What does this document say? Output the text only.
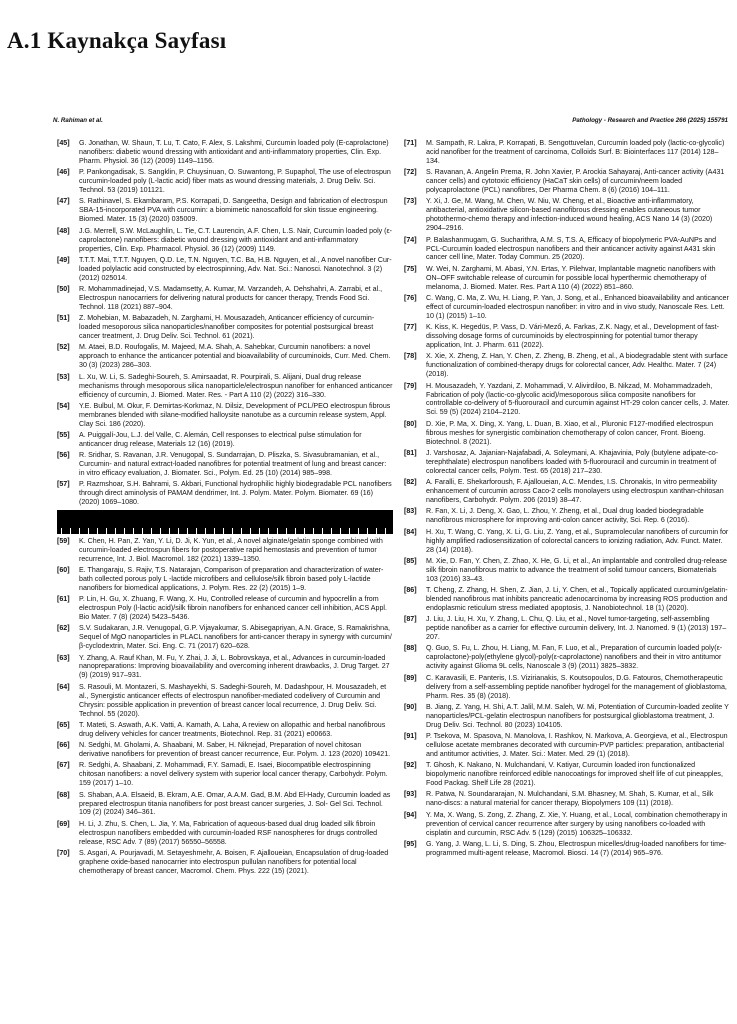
A.1 Kaynakça Sayfası
N. Rahiman et al.	Pathology - Research and Practice 266 (2025) 155791
[45]	G. Jonathan, W. Shaun, T. Lu, T. Cato, F. Alex, S. Lakshmi, Curcumin loaded poly (E-caprolactone) nanofibers: diabetic wound dressing with antioxidant and anti-inflammatory properties, Clin. Exp. Pharm. Physiol. 36 (12) (2009) 1149–1156.
[46]	P. Pankongadisak, S. Sangklin, P. Chuysinuan, O. Suwantong, P. Supaphol, The use of electrospun curcumin-loaded poly (L-lactic acid) fiber mats as wound dressing materials, J. Drug Deliv. Sci. Technol. 53 (2019) 101121.
[47]	S. Rathinavel, S. Ekambaram, P.S. Korrapati, D. Sangeetha, Design and fabrication of electrospun SBA-15-incorporated PVA with curcumin: a biomimetic nanoscaffold for skin tissue engineering. Biomed. Mater. 15 (3) (2020) 035009.
[48]	J.G. Merrell, S.W. McLaughlin, L. Tie, C.T. Laurencin, A.F. Chen, L.S. Nair, Curcumin loaded poly (ε-caprolactone) nanofibers: diabetic wound dressing with antioxidant and anti-inflammatory properties, Clin. Exp. Pharmacol. Physiol. 36 (12) (2009) 1149.
[49]	T.T.T. Mai, T.T.T. Nguyen, Q.D. Le, T.N. Nguyen, T.C. Ba, H.B. Nguyen, et al., A novel nanofiber Cur-loaded polylactic acid constructed by electrospinning, Adv. Nat. Sci.: Nanosci. Nanotechnol. 3 (2) (2012) 025014.
[50]	R. Mohammadinejad, V.S. Madamsetty, A. Kumar, M. Varzandeh, A. Dehshahri, A. Zarrabi, et al., Electrospun nanocarriers for delivering natural products for cancer therapy, Trends Food Sci. Technol. 118 (2021) 887–904.
[51]	Z. Mohebian, M. Babazadeh, N. Zarghami, H. Mousazadeh, Anticancer efficiency of curcumin-loaded mesoporous silica nanoparticles/nanofiber composites for potential postsurgical breast cancer treatment, J. Drug Deliv. Sci. Technol. 61 (2021).
[52]	M. Ataei, B.D. Roufogalis, M. Majeed, M.A. Shah, A. Sahebkar, Curcumin nanofibers: a novel approach to enhance the anticancer potential and bioavailability of curcuminoids, Curr. Med. Chem. 30 (3) (2023) 286–303.
[53]	L. Xu, W. Li, S. Sadeghi-Soureh, S. Amirsaadat, R. Pourpirali, S. Alijani, Dual drug release mechanisms through mesoporous silica nanoparticle/electrospun nanofiber for enhanced anticancer efficiency of curcumin, J. Biomed. Mater. Res. - Part A 110 (2) (2022) 316–330.
[54]	Y.E. Bulbul, M. Okur, F. Demirtas-Korkmaz, N. Dilsiz, Development of PCL/PEO electrospun fibrous membranes blended with silane-modified halloysite nanotube as a curcumin release system, Appl. Clay Sci. 186 (2020).
[55]	A. Puiggalí-Jou, L.J. del Valle, C. Alemán, Cell responses to electrical pulse stimulation for anticancer drug release, Materials 12 (16) (2019).
[56]	R. Sridhar, S. Ravanan, J.R. Venugopal, S. Sundarrajan, D. Pliszka, S. Sivasubramanian, et al., Curcumin- and natural extract-loaded nanofibres for potential treatment of lung and breast cancer: in vitro efficacy evaluation, J. Biomater. Sci., Polym. Ed. 25 (10) (2014) 985–998.
[57]	P. Razmshoar, S.H. Bahrami, S. Akbari, Functional hydrophilic highly biodegradable PCL nanofibers through direct aminolysis of PAMAM dendrimer, Int. J. Polym. Mater. Polym. Biomater. 69 (16) (2020) 1069–1080.
[59]	K. Chen, H. Pan, Z. Yan, Y. Li, D. Ji, K. Yun, et al., A novel alginate/gelatin sponge combined with curcumin-loaded electrospun fibers for postoperative rapid hemostasis and prevention of tumor recurrence, Int. J. Biol. Macromol. 182 (2021) 1339–1350.
[60]	E. Thangaraju, S. Rajiv, T.S. Natarajan, Comparison of preparation and characterization of water-bath collected porous poly L -lactide microfibers and cellulose/silk fibroin based poly L-lactide nanofibers for biomedical applications, J. Polym. Res. 22 (2) (2015) 1–9.
[61]	P. Lin, H. Gu, X. Zhuang, F. Wang, X. Hu, Controlled release of curcumin and hypocrellin a from electrospun Poly (l-lactic acid)/silk fibroin nanofibers for enhanced cancer cell inhibition, ACS Appl. Bio Mater. 7 (8) (2024) 5423–5436.
[62]	S.V. Sudakaran, J.R. Venugopal, G.P. Vijayakumar, S. Abisegapriyan, A.N. Grace, S. Ramakrishna, Sequel of MgO nanoparticles in PLACL nanofibers for anti-cancer therapy in synergy with curcumin/β-cyclodextrin, Mater. Sci. Eng. C. 71 (2017) 620–628.
[63]	Y. Zhang, A. Rauf Khan, M. Fu, Y. Zhai, J. Ji, L. Bobrovskaya, et al., Advances in curcumin-loaded nanopreparations: Improving bioavailability and overcoming inherent drawbacks, J. Drug Target. 27 (9) (2019) 917–931.
[64]	S. Rasouli, M. Montazeri, S. Mashayekhi, S. Sadeghi-Soureh, M. Dadashpour, H. Mousazadeh, et al., Synergistic anticancer effects of electrospun nanofiber-mediated codelivery of Curcumin and Chrysin: possible application in prevention of breast cancer local recurrence, J. Drug Deliv. Sci. Technol. 55 (2020).
[65]	T. Mateti, S. Aswath, A.K. Vatti, A. Kamath, A. Laha, A review on allopathic and herbal nanofibrous drug delivery vehicles for cancer treatments, Biotechnol. Rep. 31 (2021) e00663.
[66]	N. Sedghi, M. Gholami, A. Shaabani, M. Saber, H. Niknejad, Preparation of novel chitosan derivative nanofibers for prevention of breast cancer recurrence, Eur. Polym. J. 123 (2020) 109421.
[67]	R. Sedghi, A. Shaabani, Z. Mohammadi, F.Y. Samadi, E. Isaei, Biocompatible electrospinning chitosan nanofibers: a novel delivery system with superior local cancer therapy, Carbohydr. Polym. 159 (2017) 1–10.
[68]	S. Shaban, A.A. Elsaeid, B. Ekram, A.E. Omar, A.A.M. Gad, B.M. Abd El-Hady, Curcumin loaded as prepared electrospun titania nanofibers for post breast cancer surgeries, J. Sol- Gel Sci. Technol. 109 (2) (2024) 346–361.
[69]	H. Li, J. Zhu, S. Chen, L. Jia, Y. Ma, Fabrication of aqueous-based dual drug loaded silk fibroin electrospun nanofibers embedded with curcumin-loaded RSF nanospheres for drugs controlled release, RSC Adv. 7 (89) (2017) 56550–56558.
[70]	S. Asgari, A. Pourjavadi, M. Setayeshmehr, A. Boisen, F. Ajalloueian, Encapsulation of drug-loaded graphene oxide-based nanocarrier into electrospun pullulan nanofibers for potential local chemotherapy of breast cancer, Macromol. Chem. Phys. 222 (15) (2021).
[71]	M. Sampath, R. Lakra, P. Korrapati, B. Sengottuvelan, Curcumin loaded poly (lactic-co-glycolic) acid nanofiber for the treatment of carcinoma, Colloids Surf. B: Biointerfaces 117 (2014) 128–134.
[72]	S. Ravanan, A. Angelin Prema, R. John Xavier, P. Arockia Sahayaraj, Anti-cancer activity (A431 cancer cells) and cytotoxic efficiency (HaCaT skin cells) of curcumin/neem loaded polycaprolactone (PCL) nanofibres, Der Pharma Chem. 8 (6) (2016) 104–111.
[73]	Y. Xi, J. Ge, M. Wang, M. Chen, W. Niu, W. Cheng, et al., Bioactive anti-inflammatory, antibacterial, antioxidative silicon-based nanofibrous dressing enables cutaneous tumor photothermo-chemo therapy and infection-induced wound healing, ACS Nano 14 (3) (2020) 2904–2916.
[74]	P. Balashanmugam, G. Sucharithra, A.M. S, T.S. A, Efficacy of biopolymeric PVA-AuNPs and PCL-Curcumin loaded electrospun nanofibers and their anticancer activity against A431 skin cancer cell line, Mater. Today Commun. 25 (2020).
[75]	W. Wei, N. Zarghami, M. Abasi, Y.N. Ertas, Y. Pilehvar, Implantable magnetic nanofibers with ON–OFF switchable release of curcumin for possible local hyperthermic chemotherapy of melanoma, J. Biomed. Mater. Res. Part A 110 (4) (2022) 851–860.
[76]	C. Wang, C. Ma, Z. Wu, H. Liang, P. Yan, J. Song, et al., Enhanced bioavailability and anticancer effect of curcumin-loaded electrospun nanofiber: in vitro and in vivo study, Nanoscale Res. Lett. 10 (1) (2015) 1–10.
[77]	K. Kiss, K. Hegedüs, P. Vass, D. Vári-Mező, A. Farkas, Z.K. Nagy, et al., Development of fast-dissolving dosage forms of curcuminoids by electrospinning for potential tumor therapy application, Int. J. Pharm. 611 (2022).
[78]	X. Xie, X. Zheng, Z. Han, Y. Chen, Z. Zheng, B. Zheng, et al., A biodegradable stent with surface functionalization of combined-therapy drugs for colorectal cancer, Adv. Healthc. Mater. 7 (24) (2018).
[79]	H. Mousazadeh, Y. Yazdani, Z. Mohammadi, V. Alivirdiloo, B. Nikzad, M. Mohammadzadeh, Fabrication of poly (lactic-co-glycolic acid)/mesoporous silica composite nanofibers for controllable co-delivery of 5-fluorouracil and curcumin against HT-29 colon cancer cells, J. Mater. Sci. 59 (5) (2024) 2104–2120.
[80]	D. Xie, P. Ma, X. Ding, X. Yang, L. Duan, B. Xiao, et al., Pluronic F127-modified electrospun fibrous meshes for synergistic combination chemotherapy of colon cancer, Front. Bioeng. Biotechnol. 8 (2021).
[81]	J. Varshosaz, A. Jajanian-Najafabadi, A. Soleymani, A. Khajavinia, Poly (butylene adipate-co-terephthalate) electrospun nanofibers loaded with 5-fluorouracil and curcumin in treatment of colorectal cancer cells, Polym. Test. 65 (2018) 217–230.
[82]	A. Faralli, E. Shekarforoush, F. Ajalloueian, A.C. Mendes, I.S. Chronakis, In vitro permeability enhancement of curcumin across Caco-2 cells monolayers using electrospun xanthan-chitosan nanofibers, Carbohydr. Polym. 206 (2019) 38–47.
[83]	R. Fan, X. Li, J. Deng, X. Gao, L. Zhou, Y. Zheng, et al., Dual drug loaded biodegradable nanofibrous microsphere for improving anti-colon cancer activity, Sci. Rep. 6 (2016).
[84]	H. Xu, T. Wang, C. Yang, X. Li, G. Liu, Z. Yang, et al., Supramolecular nanofibers of curcumin for highly amplified radiosensitization of colorectal cancers to ionizing radiation, Adv. Funct. Mater. 28 (14) (2018).
[85]	M. Xie, D. Fan, Y. Chen, Z. Zhao, X. He, G. Li, et al., An implantable and controlled drug-release silk fibroin nanofibrous matrix to advance the treatment of solid tumour cancers, Biomaterials 103 (2016) 33–43.
[86]	T. Cheng, Z. Zhang, H. Shen, Z. Jian, J. Li, Y. Chen, et al., Topically applicated curcumin/gelatin-blended nanofibrous mat inhibits pancreatic adenocarcinoma by increasing ROS production and endoplasmic reticulum stress mediated apoptosis, J. Nanobiotechnol. 18 (1) (2020).
[87]	J. Liu, J. Liu, H. Xu, Y. Zhang, L. Chu, Q. Liu, et al., Novel tumor-targeting, self-assembling peptide nanofiber as a carrier for effective curcumin delivery, Int. J. Nanomed. 9 (1) (2013) 197–207.
[88]	Q. Guo, S. Fu, L. Zhou, H. Liang, M. Fan, F. Luo, et al., Preparation of curcumin loaded poly(ε-caprolactone)-poly(ethylene glycol)-poly(ε-caprolactone) nanofibers and their in vitro antitumor activity against Glioma 9L cells, Nanoscale 3 (9) (2011) 3825–3832.
[89]	C. Karavasili, E. Panteris, I.S. Vizirianakis, S. Koutsopoulos, D.G. Fatouros, Chemotherapeutic delivery from a self-assembling peptide nanofiber hydrogel for the management of glioblastoma, Pharm. Res. 35 (8) (2018).
[90]	B. Jiang, Z. Yang, H. Shi, A.T. Jalil, M.M. Saleh, W. Mi, Potentiation of Curcumin-loaded zeolite Y nanoparticles/PCL-gelatin electrospun nanofibers for postsurgical glioblastoma treatment, J. Drug Deliv. Sci. Technol. 80 (2023) 104105.
[91]	P. Tsekova, M. Spasova, N. Manolova, I. Rashkov, N. Markova, A. Georgieva, et al., Electrospun cellulose acetate membranes decorated with curcumin-PVP particles: preparation, antibacterial and antitumor activities, J. Mater. Sci.: Mater. Med. 29 (1) (2018).
[92]	T. Ghosh, K. Nakano, N. Mulchandani, V. Katiyar, Curcumin loaded iron functionalized biopolymeric nanofibre reinforced edible nanocoatings for improved shelf life of cut pineapples, Food Packag. Shelf Life 28 (2021).
[93]	R. Patwa, N. Soundararajan, N. Mulchandani, S.M. Bhasney, M. Shah, S. Kumar, et al., Silk nano-discs: a natural material for cancer therapy, Biopolymers 109 (11) (2018).
[94]	Y. Ma, X. Wang, S. Zong, Z. Zhang, Z. Xie, Y. Huang, et al., Local, combination chemotherapy in prevention of cervical cancer recurrence after surgery by using nanofibers co-loaded with cisplatin and curcumin, RSC Adv. 5 (129) (2015) 106325–106332.
[95]	G. Yang, J. Wang, L. Li, S. Ding, S. Zhou, Electrospun micelles/drug-loaded nanofibers for time-programmed multi-agent release, Macromol. Biosci. 14 (7) (2014) 965–976.
